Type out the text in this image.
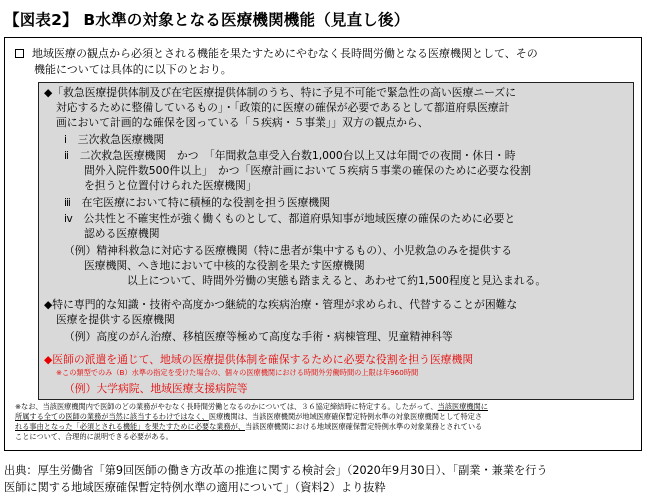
【図表2】 B水準の対象となる医療機関機能（見直し後）
地域医療の観点から必須とされる機能を果たすためにやむなく長時間労働となる医療機関として、その
機能については具体的に以下のとおり。
◆「救急医療提供体制及び在宅医療提供体制のうち、特に予見不可能で緊急性の高い医療ニーズに
対応するために整備しているもの」・「政策的に医療の確保が必要であるとして都道府県医療計
画において計画的な確保を図っている「５疾病・５事業」」双方の観点から、
ⅰ　三次救急医療機関
ⅱ　二次救急医療機関　かつ　「年間救急車受入台数1,000台以上又は年間での夜間・休日・時
間外入院件数500件以上」　かつ「医療計画において５疾病５事業の確保のために必要な役割
を担うと位置付けられた医療機関」
ⅲ　在宅医療において特に積極的な役割を担う医療機関
ⅳ　公共性と不確実性が強く働くものとして、都道府県知事が地域医療の確保のために必要と
認める医療機関
（例）精神科救急に対応する医療機関（特に患者が集中するもの）、小児救急のみを提供する
医療機関、へき地において中核的な役割を果たす医療機関
以上について、時間外労働の実態も踏まえると、あわせて約1,500程度と見込まれる。
◆特に専門的な知識・技術や高度かつ継続的な疾病治療・管理が求められ、代替することが困難な
医療を提供する医療機関
（例）高度のがん治療、移植医療等極めて高度な手術・病棟管理、児童精神科等
◆医師の派遣を通じて、地域の医療提供体制を確保するために必要な役割を担う医療機関
※この類型でのみ（B）水準の指定を受けた場合の、個々の医療機関における時間外労働時間の上限は年960時間
（例）大学病院、地域医療支援病院等
※なお、当該医療機関内で医師のどの業務がやむなく長時間労働となるのかについては、３６協定締結時に特定する。したがって、当該医療機関に
所属する全ての医師の業務が当然に該当するわけではなく、医療機関は、当該医療機関が地域医療確保暫定特例水準の対象医療機関として特定さ
れる事由となった「必須とされる機能」を果たすために必要な業務が、当該医療機関における地域医療確保暫定特例水準の対象業務とされている
ことについて、合理的に説明できる必要がある。
出典：厚生労働省「第9回医師の働き方改革の推進に関する検討会」（2020年9月30日）、「副業・兼業を行う
医師に関する地域医療確保暫定特例水準の適用について」（資料2）より抜粋
